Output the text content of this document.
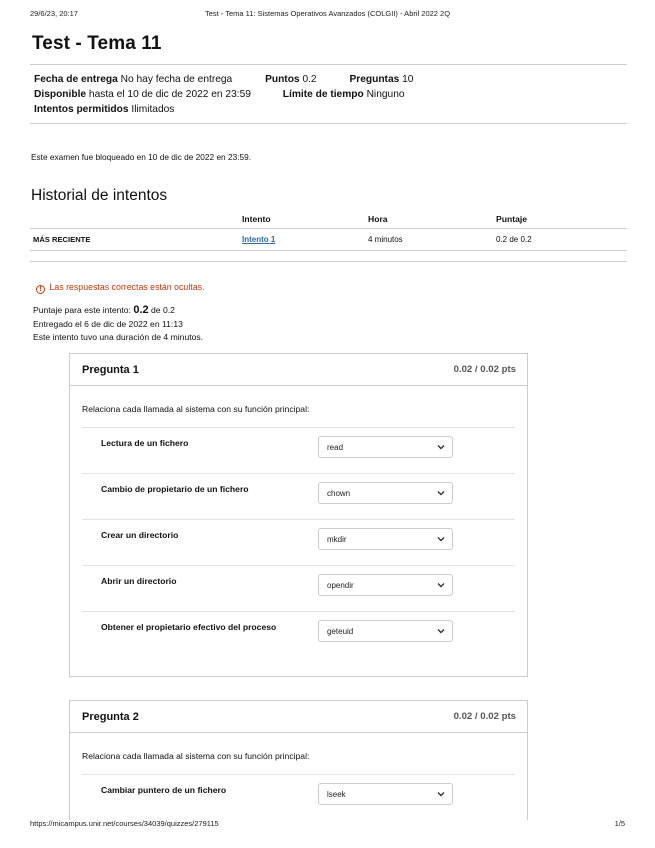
29/6/23, 20:17	Test - Tema 11: Sistemas Operativos Avanzados (COLGII) - Abril 2022 2Q
Test - Tema 11
Fecha de entrega No hay fecha de entrega	Puntos 0.2	Preguntas 10
Disponible hasta el 10 de dic de 2022 en 23:59	Límite de tiempo Ninguno
Intentos permitidos Ilimitados
Este examen fue bloqueado en 10 de dic de 2022 en 23:59.
Historial de intentos
	Intento	Hora	Puntaje
MÁS RECIENTE	Intento 1	4 minutos	0.2 de 0.2
! Las respuestas correctas están ocultas.
Puntaje para este intento: 0.2 de 0.2
Entregado el 6 de dic de 2022 en 11:13
Este intento tuvo una duración de 4 minutos.
Pregunta 1	0.02 / 0.02 pts
Relaciona cada llamada al sistema con su función principal:
Lectura de un fichero	read
Cambio de propietario de un fichero	chown
Crear un directorio	mkdir
Abrir un directorio	opendir
Obtener el propietario efectivo del proceso	geteuid
Pregunta 2	0.02 / 0.02 pts
Relaciona cada llamada al sistema con su función principal:
Cambiar puntero de un fichero	lseek
https://micampus.unir.net/courses/34039/quizzes/279115	1/5
